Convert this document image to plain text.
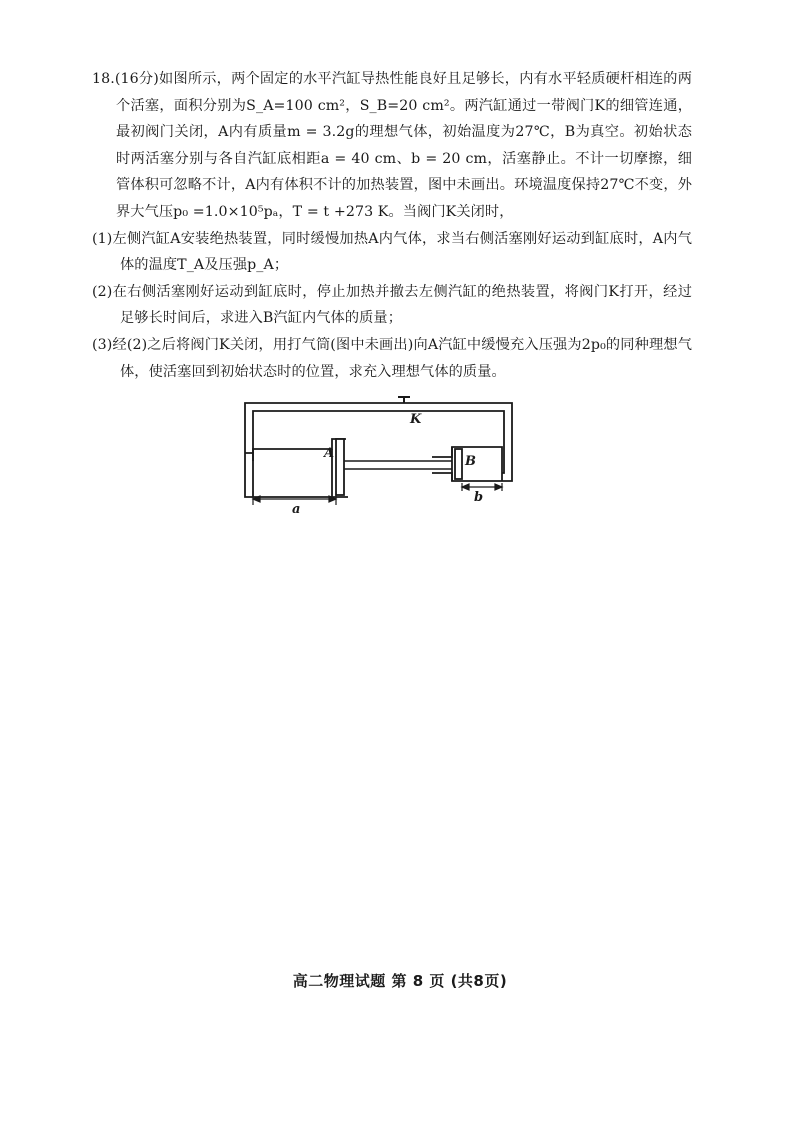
18.(16分)如图所示，两个固定的水平汽缸导热性能良好且足够长，内有水平轻质硬杆相连的两个活塞，面积分别为S_A=100 cm²，S_B=20 cm²。两汽缸通过一带阀门K的细管连通，最初阀门关闭，A内有质量m = 3.2g的理想气体，初始温度为27℃，B为真空。初始状态时两活塞分别与各自汽缸底相距a = 40 cm、b = 20 cm，活塞静止。不计一切摩擦，细管体积可忽略不计，A内有体积不计的加热装置，图中未画出。环境温度保持27℃不变，外界大气压p₀ =1.0×10⁵pₐ，T = t +273 K。当阀门K关闭时，

(1)左侧汽缸A安装绝热装置，同时缓慢加热A内气体，求当右侧活塞刚好运动到缸底时，A内气体的温度T_A及压强p_A；

(2)在右侧活塞刚好运动到缸底时，停止加热并撤去左侧汽缸的绝热装置，将阀门K打开，经过足够长时间后，求进入B汽缸内气体的质量；

(3)经(2)之后将阀门K关闭，用打气筒(图中未画出)向A汽缸中缓慢充入压强为2p₀的同种理想气体，使活塞回到初始状态时的位置，求充入理想气体的质量。

A
B
K
a
b
高二物理试题 第 8 页 (共8页)
